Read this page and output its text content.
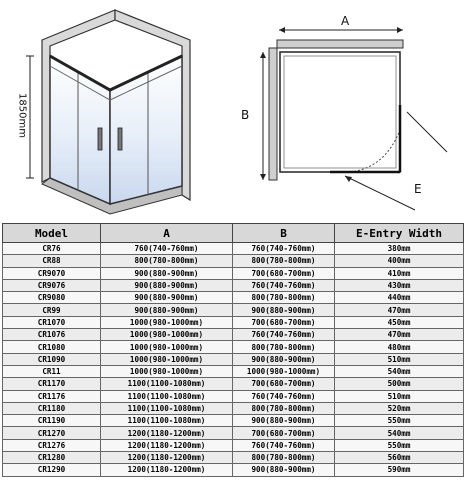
1850mm
A
B
E
Model	A	B	E-Entry Width
CR76	760(740-760mm)	760(740-760mm)	380mm
CR88	800(780-800mm)	800(780-800mm)	400mm
CR9070	900(880-900mm)	700(680-700mm)	410mm
CR9076	900(880-900mm)	760(740-760mm)	430mm
CR9080	900(880-900mm)	800(780-800mm)	440mm
CR99	900(880-900mm)	900(880-900mm)	470mm
CR1070	1000(980-1000mm)	700(680-700mm)	450mm
CR1076	1000(980-1000mm)	760(740-760mm)	470mm
CR1080	1000(980-1000mm)	800(780-800mm)	480mm
CR1090	1000(980-1000mm)	900(880-900mm)	510mm
CR11	1000(980-1000mm)	1000(980-1000mm)	540mm
CR1170	1100(1100-1080mm)	700(680-700mm)	500mm
CR1176	1100(1100-1080mm)	760(740-760mm)	510mm
CR1180	1100(1100-1080mm)	800(780-800mm)	520mm
CR1190	1100(1100-1080mm)	900(880-900mm)	550mm
CR1270	1200(1180-1200mm)	700(680-700mm)	540mm
CR1276	1200(1180-1200mm)	760(740-760mm)	550mm
CR1280	1200(1180-1200mm)	800(780-800mm)	560mm
CR1290	1200(1180-1200mm)	900(880-900mm)	590mm
